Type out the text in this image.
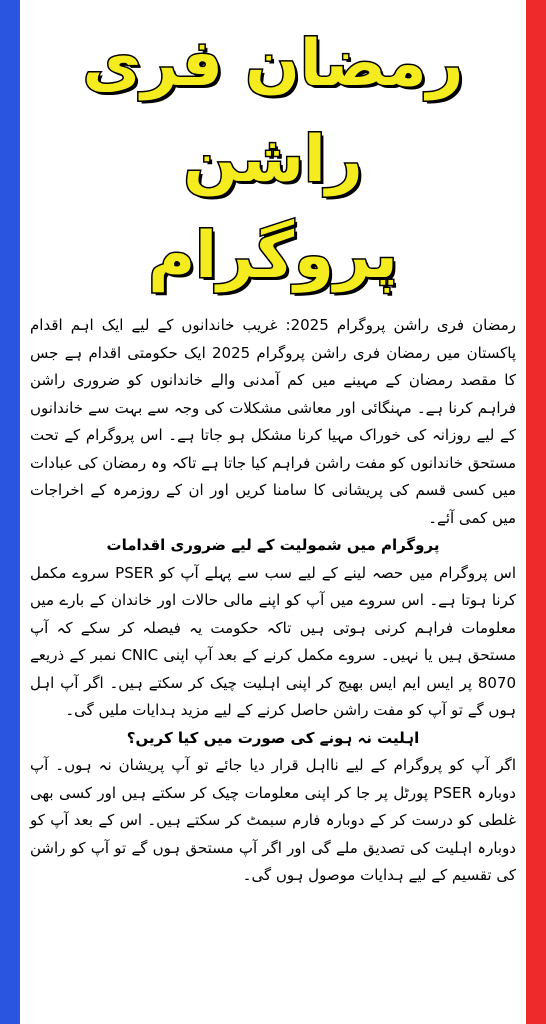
رمضان فری راشن
پروگرام

رمضان فری راشن پروگرام 2025: غریب خاندانوں کے لیے ایک اہم اقدام پاکستان میں رمضان فری راشن پروگرام 2025 ایک حکومتی اقدام ہے جس کا مقصد رمضان کے مہینے میں کم آمدنی والے خاندانوں کو ضروری راشن فراہم کرنا ہے۔ مہنگائی اور معاشی مشکلات کی وجہ سے بہت سے خاندانوں کے لیے روزانہ کی خوراک مہیا کرنا مشکل ہو جاتا ہے۔ اس پروگرام کے تحت مستحق خاندانوں کو مفت راشن فراہم کیا جاتا ہے تاکہ وہ رمضان کی عبادات میں کسی قسم کی پریشانی کا سامنا کریں اور ان کے روزمرہ کے اخراجات میں کمی آئے۔

پروگرام میں شمولیت کے لیے ضروری اقدامات

اس پروگرام میں حصہ لینے کے لیے سب سے پہلے آپ کو PSER سروے مکمل کرنا ہوتا ہے۔ اس سروے میں آپ کو اپنے مالی حالات اور خاندان کے بارے میں معلومات فراہم کرنی ہوتی ہیں تاکہ حکومت یہ فیصلہ کر سکے کہ آپ مستحق ہیں یا نہیں۔ سروے مکمل کرنے کے بعد آپ اپنی CNIC نمبر کے ذریعے 8070 پر ایس ایم ایس بھیج کر اپنی اہلیت چیک کر سکتے ہیں۔ اگر آپ اہل ہوں گے تو آپ کو مفت راشن حاصل کرنے کے لیے مزید ہدایات ملیں گی۔

اہلیت نہ ہونے کی صورت میں کیا کریں؟

اگر آپ کو پروگرام کے لیے نااہل قرار دیا جائے تو آپ پریشان نہ ہوں۔ آپ دوبارہ PSER پورٹل پر جا کر اپنی معلومات چیک کر سکتے ہیں اور کسی بھی غلطی کو درست کر کے دوبارہ فارم سبمٹ کر سکتے ہیں۔ اس کے بعد آپ کو دوبارہ اہلیت کی تصدیق ملے گی اور اگر آپ مستحق ہوں گے تو آپ کو راشن کی تقسیم کے لیے ہدایات موصول ہوں گی۔
